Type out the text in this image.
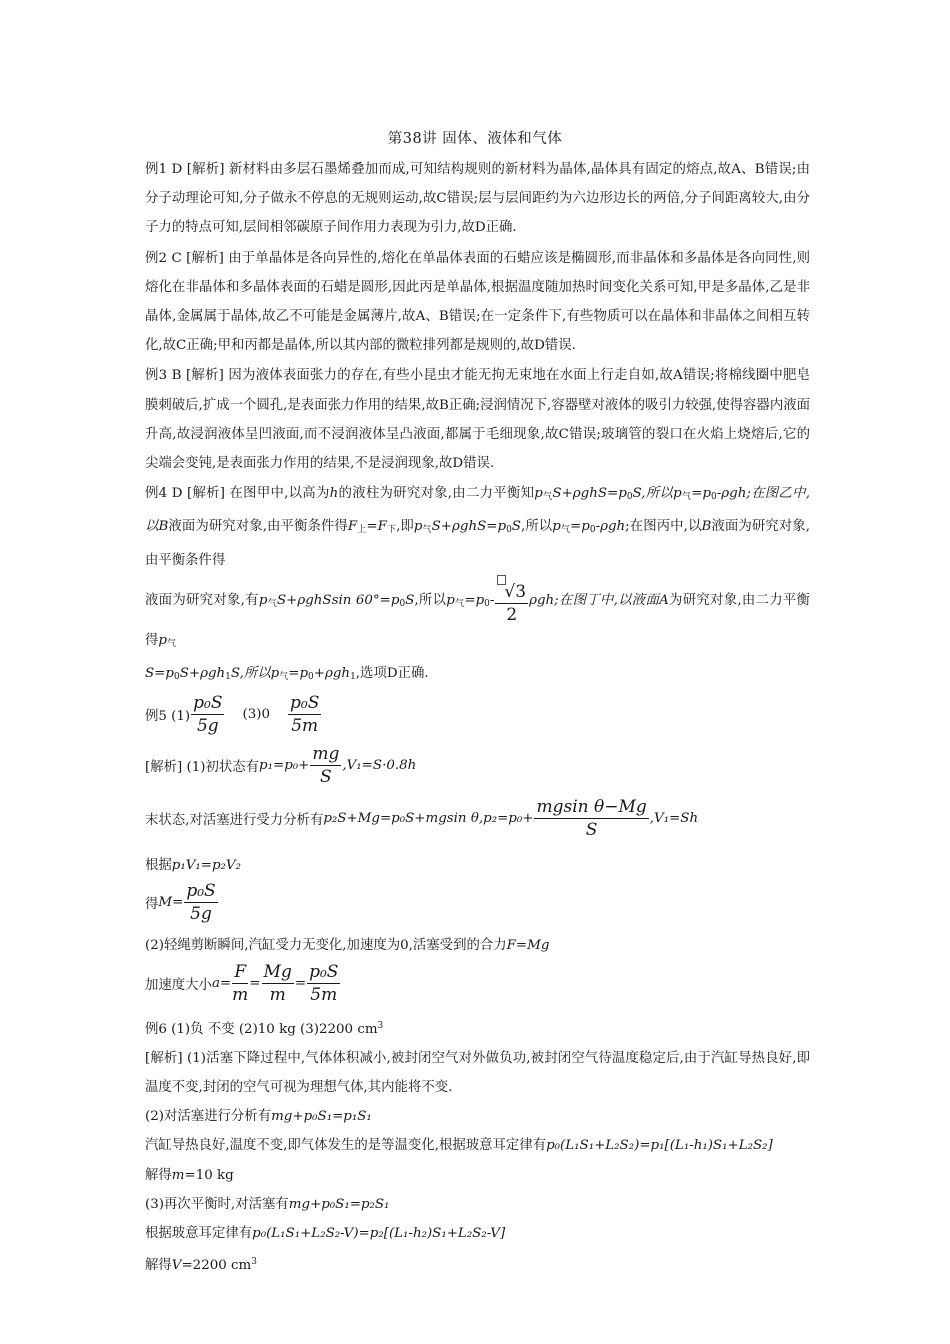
第38讲 固体、液体和气体

例1 D [解析] 新材料由多层石墨烯叠加而成,可知结构规则的新材料为晶体,晶体具有固定的熔点,故A、B错误;由分子动理论可知,分子做永不停息的无规则运动,故C错误;层与层间距约为六边形边长的两倍,分子间距离较大,由分子力的特点可知,层间相邻碳原子间作用力表现为引力,故D正确.

例2 C [解析] 由于单晶体是各向异性的,熔化在单晶体表面的石蜡应该是椭圆形,而非晶体和多晶体是各向同性,则熔化在非晶体和多晶体表面的石蜡是圆形,因此丙是单晶体,根据温度随加热时间变化关系可知,甲是多晶体,乙是非晶体,金属属于晶体,故乙不可能是金属薄片,故A、B错误;在一定条件下,有些物质可以在晶体和非晶体之间相互转化,故C正确;甲和丙都是晶体,所以其内部的微粒排列都是规则的,故D错误.

例3 B [解析] 因为液体表面张力的存在,有些小昆虫才能无拘无束地在水面上行走自如,故A错误;将棉线圈中肥皂膜刺破后,扩成一个圆孔,是表面张力作用的结果,故B正确;浸润情况下,容器壁对液体的吸引力较强,使得容器内液面升高,故浸润液体呈凹液面,而不浸润液体呈凸液面,都属于毛细现象,故C错误;玻璃管的裂口在火焰上烧熔后,它的尖端会变钝,是表面张力作用的结果,不是浸润现象,故D错误.

例4 D [解析] 在图甲中,以高为h的液柱为研究对象,由二力平衡知$p_气S+\rho ghS=p_0S$,所以$p_气=p_0$-ρgh;在图乙中,以B液面为研究对象,由平衡条件得$F_上=F_下$,即$p_气S+\rho ghS=p_0S$,所以$p_气=p_0$-ρgh;在图丙中,以B液面为研究对象,由平衡条件得
液面为研究对象,有$p_气S+\rho ghSsin$ $60^\circ=p_0S$,所以$p_气=p_0- \frac{√3}{2} \rho gh$;在图丁中,以液面A为研究对象,由二力平衡得$p_气$
$S=p_0S+\rho gh_1S$,所以$p_气=p_0+\rho gh_1$,选项D正确.

例5 (1)
p₀S
5g
(3)0
p₀S
5m
[解析] (1)初状态有 $p_1=p_0+ \frac{mg}{S} ,V_1=S\cdot 0.8h$
末状态,对活塞进行受力分析有 p₂S+Mg=p₀S+mgsin $\theta,p_2=p_0+ \frac{\text{mgsin θ−Mg}}{S} ,V_1=Sh$

根据p₁V₁=p₂V₂

得 $M= \frac{\text{p₀S}}{5g}$

(2)轻绳剪断瞬间,汽缸受力无变化,加速度为0,活塞受到的合力F=Mg

加速度大小 $a= \frac{F}{m} = \frac{Mg}{m} = \frac{\text{p₀S}}{5m}$

例6 (1)负 不变 (2)10 kg (3)2200 $cm^3$

[解析] (1)活塞下降过程中,气体体积减小,被封闭空气对外做负功,被封闭空气待温度稳定后,由于汽缸导热良好,即温度不变,封闭的空气可视为理想气体,其内能将不变.

(2)对活塞进行分析有mg+p₀S₁=p₁S₁

汽缸导热良好,温度不变,即气体发生的是等温变化,根据玻意耳定律有p₀(L₁S₁+L₂S₂)=p₁[(L₁-h₁)S₁+L₂S₂]

解得m=10 kg

(3)再次平衡时,对活塞有mg+p₀S₁=p₂S₁

根据玻意耳定律有p₀(L₁S₁+L₂S₂-V)=p₂[(L₁-h₂)S₁+L₂S₂-V]

解得V=2200 $cm^3$
